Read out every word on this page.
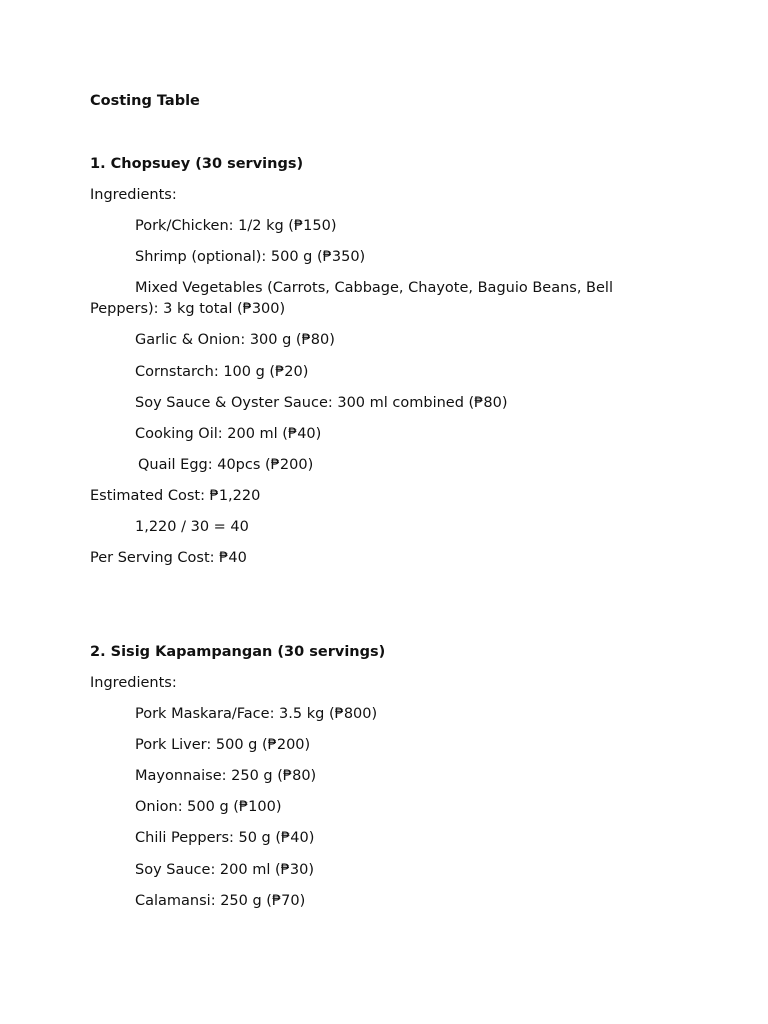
Costing Table
1. Chopsuey (30 servings)
Ingredients:
Pork/Chicken: 1/2 kg (₱150)
Shrimp (optional): 500 g (₱350)
Mixed Vegetables (Carrots, Cabbage, Chayote, Baguio Beans, Bell Peppers): 3 kg total (₱300)
Garlic & Onion: 300 g (₱80)
Cornstarch: 100 g (₱20)
Soy Sauce & Oyster Sauce: 300 ml combined (₱80)
Cooking Oil: 200 ml (₱40)
Quail Egg: 40pcs (₱200)
Estimated Cost: ₱1,220
1,220 / 30 = 40
Per Serving Cost: ₱40
2. Sisig Kapampangan (30 servings)
Ingredients:
Pork Maskara/Face: 3.5 kg (₱800)
Pork Liver: 500 g (₱200)
Mayonnaise: 250 g (₱80)
Onion: 500 g (₱100)
Chili Peppers: 50 g (₱40)
Soy Sauce: 200 ml (₱30)
Calamansi: 250 g (₱70)
